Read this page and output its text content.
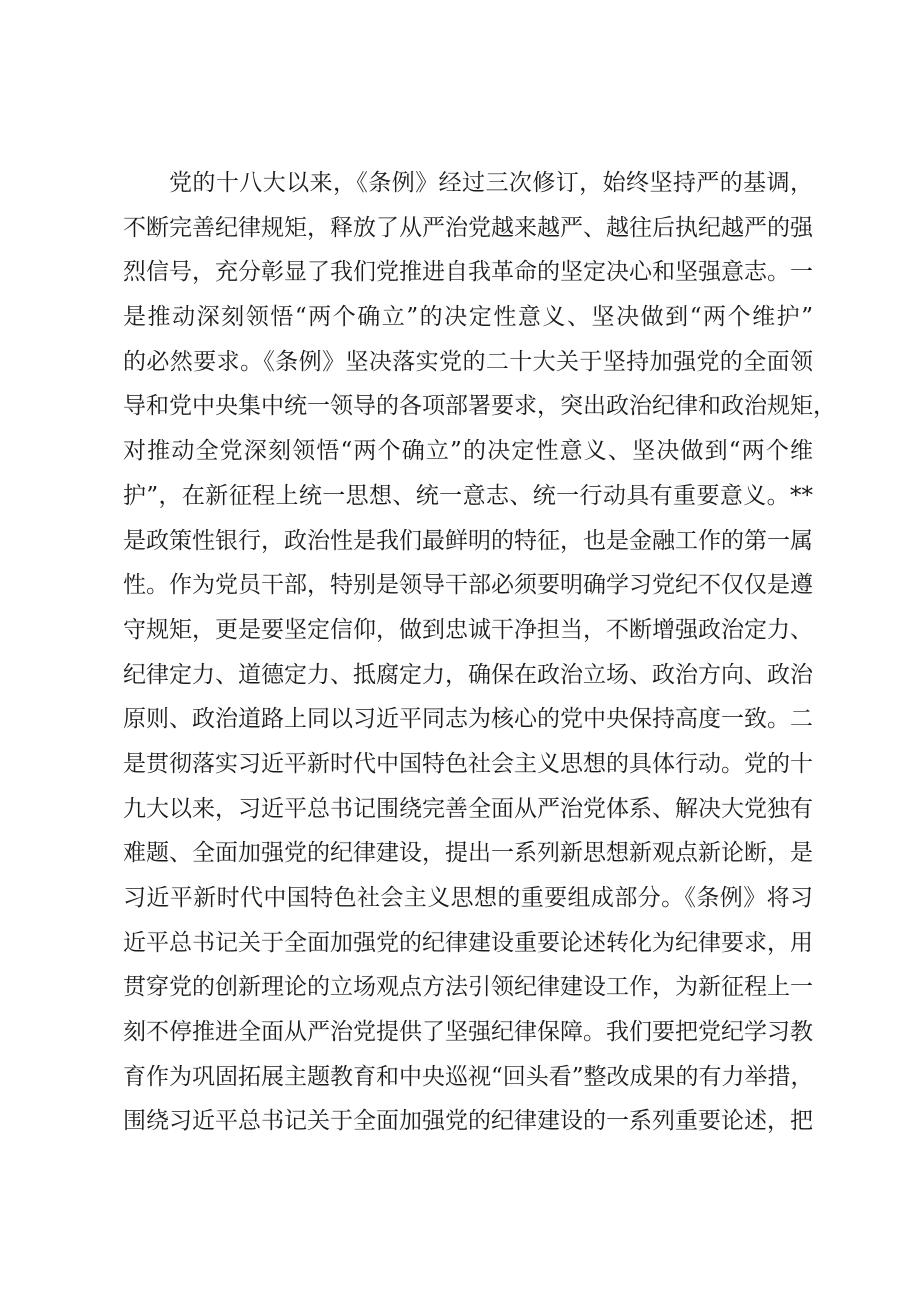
党的十八大以来，《条例》经过三次修订，始终坚持严的基调，
不断完善纪律规矩，释放了从严治党越来越严、越往后执纪越严的强
烈信号，充分彰显了我们党推进自我革命的坚定决心和坚强意志。一
是推动深刻领悟“两个确立”的决定性意义、坚决做到“两个维护”
的必然要求。《条例》坚决落实党的二十大关于坚持加强党的全面领
导和党中央集中统一领导的各项部署要求，突出政治纪律和政治规矩，
对推动全党深刻领悟“两个确立”的决定性意义、坚决做到“两个维
护”，在新征程上统一思想、统一意志、统一行动具有重要意义。**
是政策性银行，政治性是我们最鲜明的特征，也是金融工作的第一属
性。作为党员干部，特别是领导干部必须要明确学习党纪不仅仅是遵
守规矩，更是要坚定信仰，做到忠诚干净担当，不断增强政治定力、
纪律定力、道德定力、抵腐定力，确保在政治立场、政治方向、政治
原则、政治道路上同以习近平同志为核心的党中央保持高度一致。二
是贯彻落实习近平新时代中国特色社会主义思想的具体行动。党的十
九大以来，习近平总书记围绕完善全面从严治党体系、解决大党独有
难题、全面加强党的纪律建设，提出一系列新思想新观点新论断，是
习近平新时代中国特色社会主义思想的重要组成部分。《条例》将习
近平总书记关于全面加强党的纪律建设重要论述转化为纪律要求，用
贯穿党的创新理论的立场观点方法引领纪律建设工作，为新征程上一
刻不停推进全面从严治党提供了坚强纪律保障。我们要把党纪学习教
育作为巩固拓展主题教育和中央巡视“回头看”整改成果的有力举措，
围绕习近平总书记关于全面加强党的纪律建设的一系列重要论述，把
